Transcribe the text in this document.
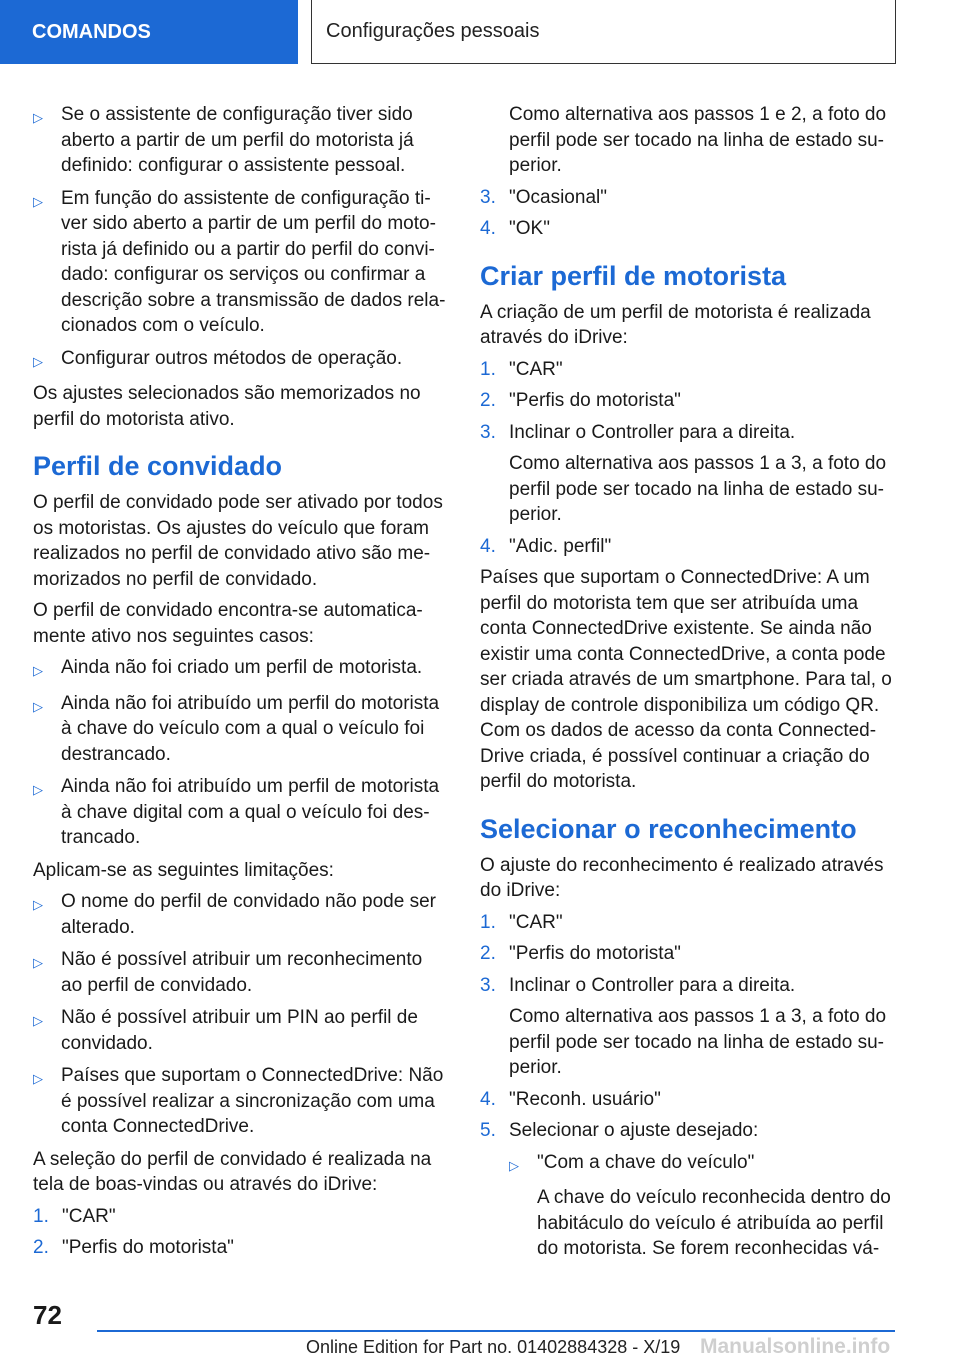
COMANDOS	Configurações pessoais
▷ Se o assistente de configuração tiver sido aberto a partir de um perfil do motorista já definido: configurar o assistente pessoal.
▷ Em função do assistente de configuração tiver sido aberto a partir de um perfil do motorista já definido ou a partir do perfil do convidado: configurar os serviços ou confirmar a descrição sobre a transmissão de dados relacionados com o veículo.
▷ Configurar outros métodos de operação.

Os ajustes selecionados são memorizados no perfil do motorista ativo.

Perfil de convidado

O perfil de convidado pode ser ativado por todos os motoristas. Os ajustes do veículo que foram realizados no perfil de convidado ativo são memorizados no perfil de convidado.

O perfil de convidado encontra-se automaticamente ativo nos seguintes casos:

▷ Ainda não foi criado um perfil de motorista.
▷ Ainda não foi atribuído um perfil do motorista à chave do veículo com a qual o veículo foi destrancado.
▷ Ainda não foi atribuído um perfil de motorista à chave digital com a qual o veículo foi destrancado.

Aplicam-se as seguintes limitações:

▷ O nome do perfil de convidado não pode ser alterado.
▷ Não é possível atribuir um reconhecimento ao perfil de convidado.
▷ Não é possível atribuir um PIN ao perfil de convidado.
▷ Países que suportam o ConnectedDrive: Não é possível realizar a sincronização com uma conta ConnectedDrive.

A seleção do perfil de convidado é realizada na tela de boas-vindas ou através do iDrive:

1. "CAR"
2. "Perfis do motorista"
Como alternativa aos passos 1 e 2, a foto do perfil pode ser tocado na linha de estado superior.
3. "Ocasional"
4. "OK"
Criar perfil de motorista

A criação de um perfil de motorista é realizada através do iDrive:

1. "CAR"
2. "Perfis do motorista"
3. Inclinar o Controller para a direita.
Como alternativa aos passos 1 a 3, a foto do perfil pode ser tocado na linha de estado superior.
4. "Adic. perfil"

Países que suportam o ConnectedDrive: A um perfil do motorista tem que ser atribuída uma conta ConnectedDrive existente. Se ainda não existir uma conta ConnectedDrive, a conta pode ser criada através de um smartphone. Para tal, o display de controle disponibiliza um código QR. Com os dados de acesso da conta ConnectedDrive criada, é possível continuar a criação do perfil do motorista.

Selecionar o reconhecimento

O ajuste do reconhecimento é realizado através do iDrive:

1. "CAR"
2. "Perfis do motorista"
3. Inclinar o Controller para a direita.
Como alternativa aos passos 1 a 3, a foto do perfil pode ser tocado na linha de estado superior.
4. "Reconh. usuário"
5. Selecionar o ajuste desejado:
▷ "Com a chave do veículo"
A chave do veículo reconhecida dentro do habitáculo do veículo é atribuída ao perfil do motorista. Se forem reconhecidas vá-
72
Online Edition for Part no. 01402884328 - X/19 Manualsonline.info
